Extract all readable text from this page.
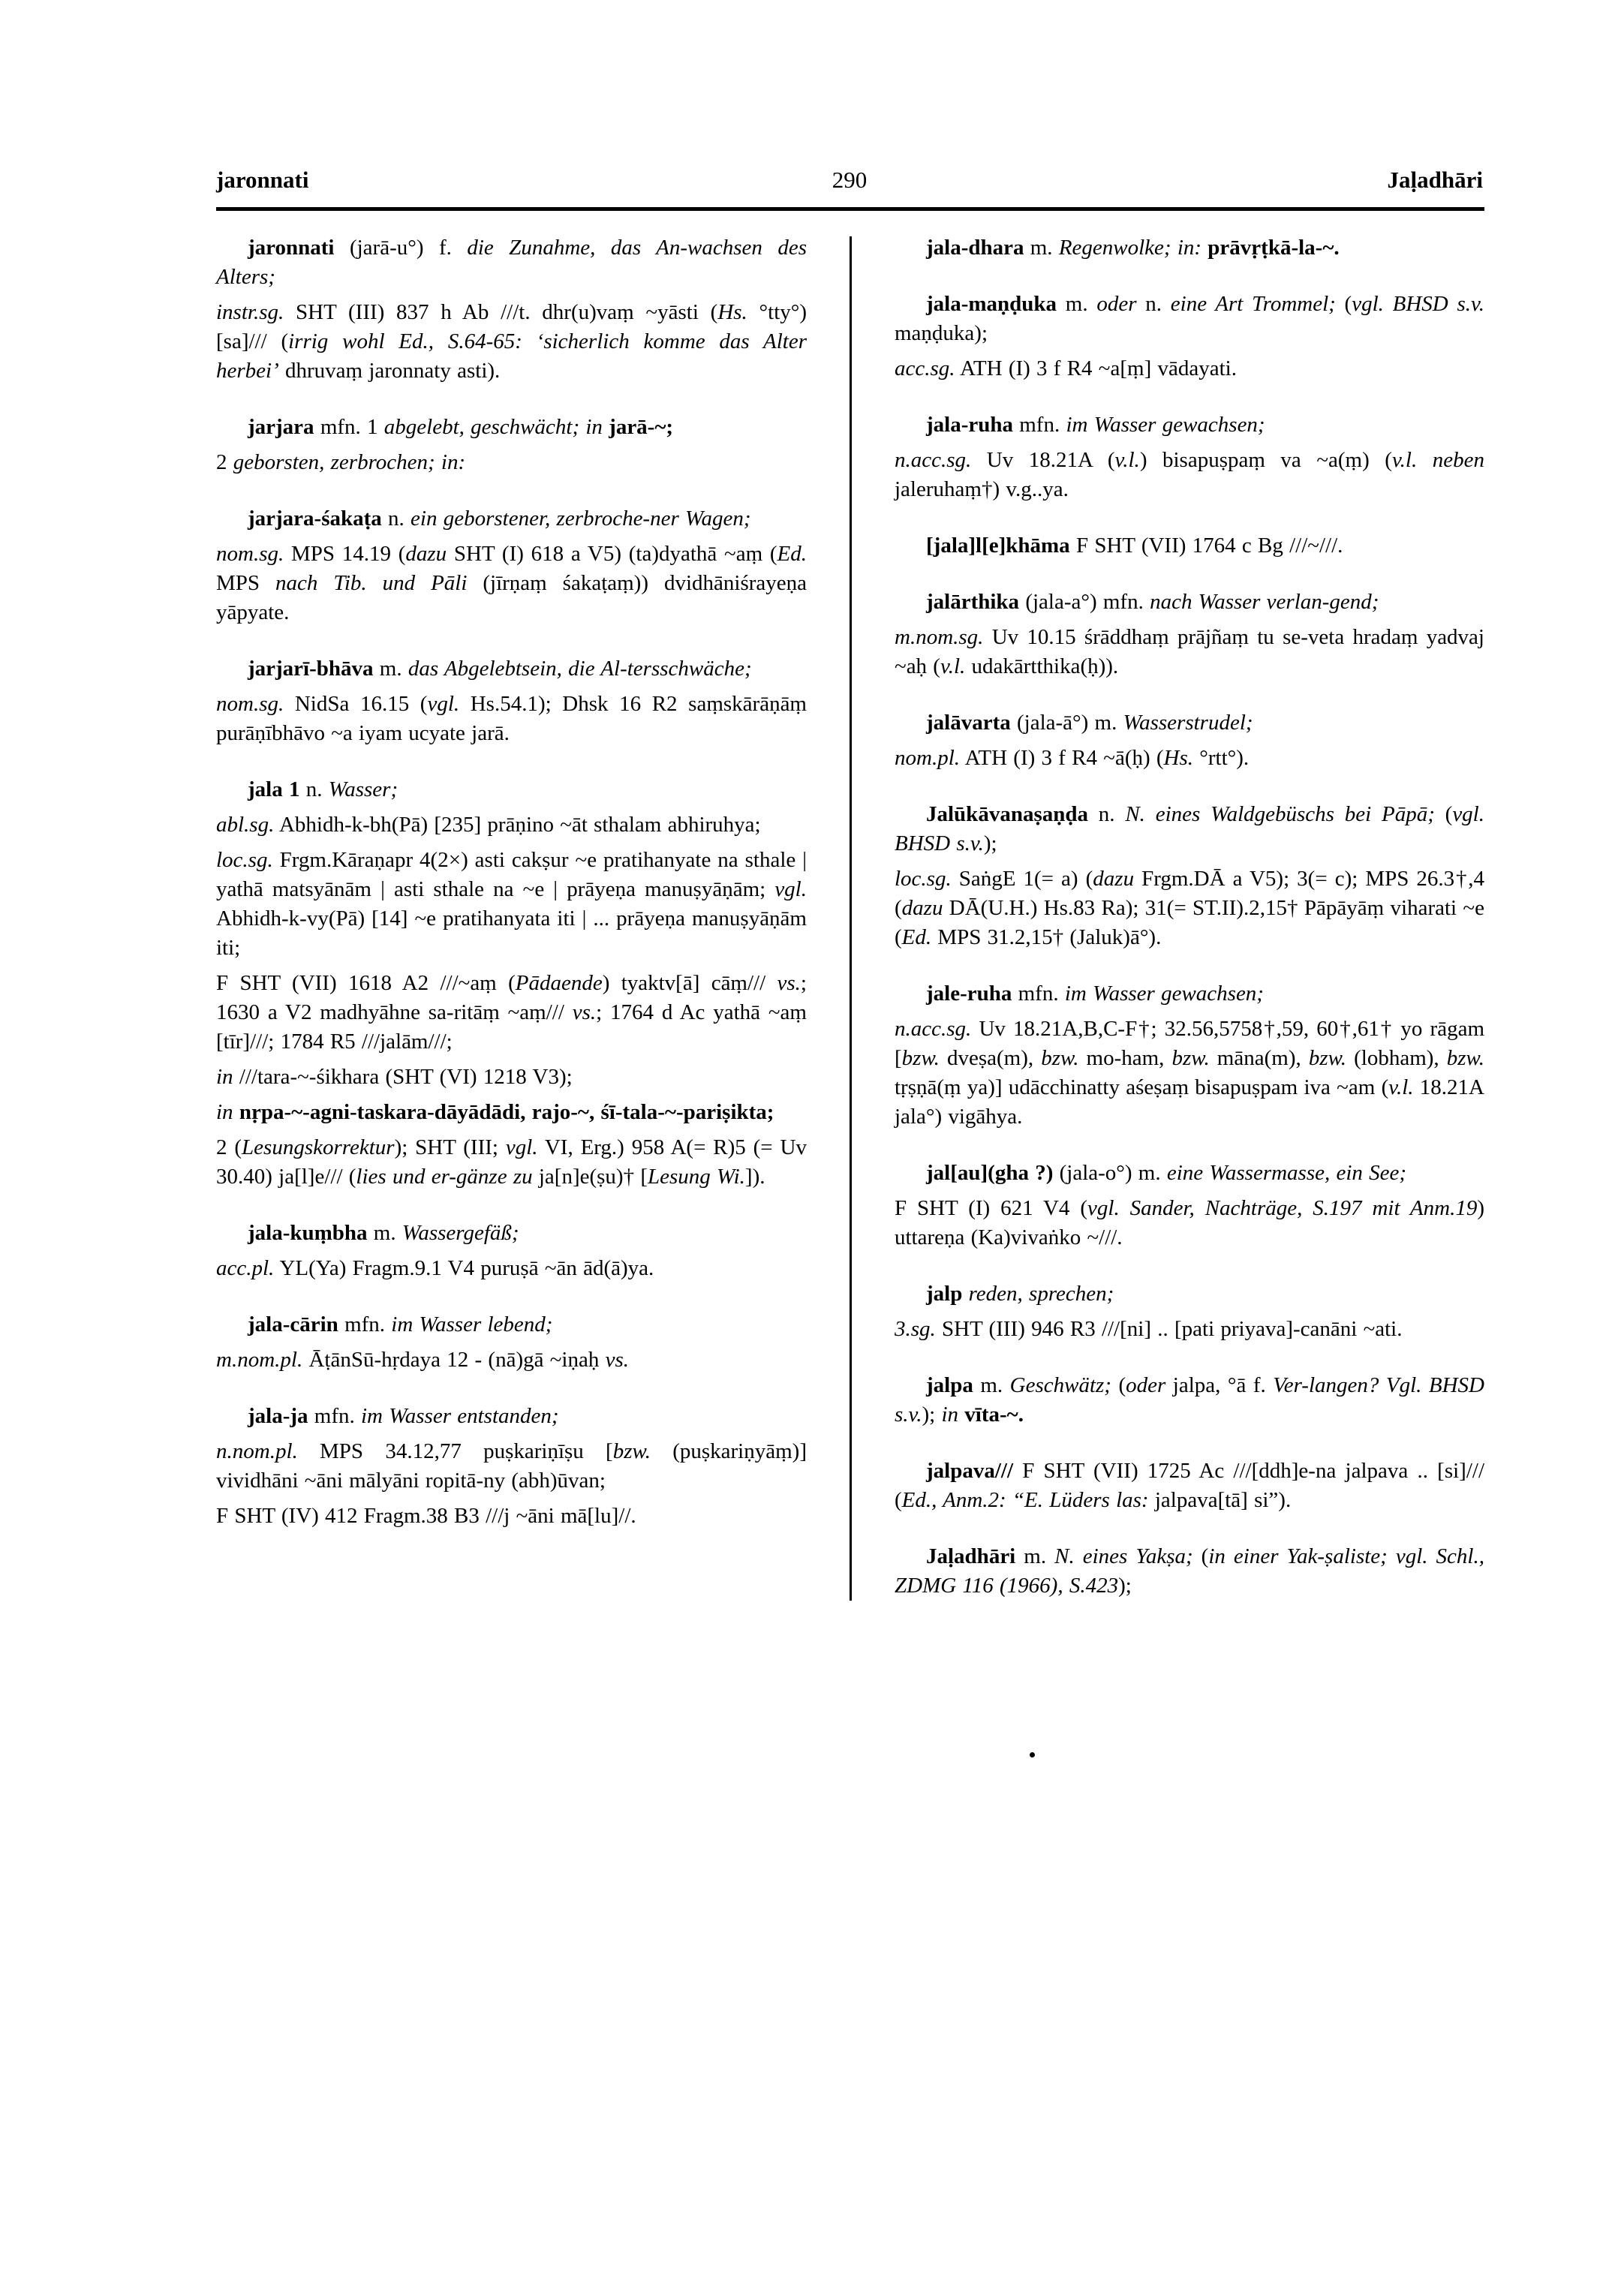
jaronnati	290	Jaḷadhāri

jaronnati (jarā-u°) f. die Zunahme, das An-wachsen des Alters;

instr.sg. SHT (III) 837 h Ab ///t. dhr(u)vaṃ ~yāsti (Hs. °tty°) [sa]/// (irrig wohl Ed., S.64-65: ‘sicherlich komme das Alter herbei’ dhruvaṃ jaronnaty asti).

jarjara mfn. 1 abgelebt, geschwächt; in jarā-~;

2 geborsten, zerbrochen; in:

jarjara-śakaṭa n. ein geborstener, zerbroche-ner Wagen;

nom.sg. MPS 14.19 (dazu SHT (I) 618 a V5) (ta)dyathā ~aṃ (Ed. MPS nach Tib. und Pāli (jīrṇaṃ śakaṭaṃ)) dvidhāniśrayeṇa yāpyate.

jarjarī-bhāva m. das Abgelebtsein, die Al-tersschwäche;

nom.sg. NidSa 16.15 (vgl. Hs.54.1); Dhsk 16 R2 saṃskārāṇāṃ purāṇībhāvo ~a iyam ucyate jarā.

jala 1 n. Wasser;

abl.sg. Abhidh-k-bh(Pā) [235] prāṇino ~āt sthalam abhiruhya;

loc.sg. Frgm.Kāraṇapr 4(2×) asti cakṣur ~e pratihanyate na sthale | yathā matsyānām | asti sthale na ~e | prāyeṇa manuṣyāṇām; vgl. Abhidh-k-vy(Pā) [14] ~e pratihanyata iti | ... prāyeṇa manuṣyāṇām iti;

F SHT (VII) 1618 A2 ///~aṃ (Pādaende) tyaktv[ā] cāṃ/// vs.; 1630 a V2 madhyāhne sa-ritāṃ ~aṃ/// vs.; 1764 d Ac yathā ~aṃ [tīr]///; 1784 R5 ///jalām///;

in ///tara-~-śikhara (SHT (VI) 1218 V3);

in nṛpa-~-agni-taskara-dāyādādi, rajo-~, śī-tala-~-pariṣikta;

2 (Lesungskorrektur); SHT (III; vgl. VI, Erg.) 958 A(= R)5 (= Uv 30.40) ja[l]e/// (lies und er-gänze zu ja[n]e(ṣu)† [Lesung Wi.]).

jala-kuṃbha m. Wassergefäß;

acc.pl. YL(Ya) Fragm.9.1 V4 puruṣā ~ān ād(ā)ya.

jala-cārin mfn. im Wasser lebend;

m.nom.pl. ĀṭānSū-hṛdaya 12 - (nā)gā ~iṇaḥ vs.

jala-ja mfn. im Wasser entstanden;

n.nom.pl. MPS 34.12,77 puṣkariṇīṣu [bzw. (puṣkariṇyāṃ)] vividhāni ~āni mālyāni ropitā-ny (abh)ūvan;

F SHT (IV) 412 Fragm.38 B3 ///j ~āni mā[lu]//.

jala-dhara m. Regenwolke; in: prāvṛṭkā-la-~.

jala-maṇḍuka m. oder n. eine Art Trommel; (vgl. BHSD s.v. maṇḍuka);

acc.sg. ATH (I) 3 f R4 ~a[ṃ] vādayati.

jala-ruha mfn. im Wasser gewachsen;

n.acc.sg. Uv 18.21A (v.l.) bisapuṣpaṃ va ~a(ṃ) (v.l. neben jaleruhaṃ†) v.g..ya.

[jala]l[e]khāma F SHT (VII) 1764 c Bg ///~///.

jalārthika (jala-a°) mfn. nach Wasser verlan-gend;

m.nom.sg. Uv 10.15 śrāddhaṃ prājñaṃ tu se-veta hradaṃ yadvaj ~aḥ (v.l. udakārtthika(ḥ)).

jalāvarta (jala-ā°) m. Wasserstrudel;

nom.pl. ATH (I) 3 f R4 ~ā(ḥ) (Hs. °rtt°).

Jalūkāvanaṣaṇḍa n. N. eines Waldgebüschs bei Pāpā; (vgl. BHSD s.v.);

loc.sg. SaṅgE 1(= a) (dazu Frgm.DĀ a V5); 3(= c); MPS 26.3†,4 (dazu DĀ(U.H.) Hs.83 Ra); 31(= ST.II).2,15† Pāpāyāṃ viharati ~e (Ed. MPS 31.2,15† (Jaluk)ā°).

jale-ruha mfn. im Wasser gewachsen;

n.acc.sg. Uv 18.21A,B,C-F†; 32.56,5758†,59, 60†,61† yo rāgam [bzw. dveṣa(m), bzw. mo-ham, bzw. māna(m), bzw. (lobham), bzw. tṛṣṇā(ṃ ya)] udācchinatty aśeṣaṃ bisapuṣpam iva ~am (v.l. 18.21A jala°) vigāhya.

jal[au](gha ?) (jala-o°) m. eine Wassermasse, ein See;

F SHT (I) 621 V4 (vgl. Sander, Nachträge, S.197 mit Anm.19) uttareṇa (Ka)vivaṅko ~///.

jalp reden, sprechen;

3.sg. SHT (III) 946 R3 ///[ni] .. [pati priyava]-canāni ~ati.

jalpa m. Geschwätz; (oder jalpa, °ā f. Ver-langen? Vgl. BHSD s.v.); in vīta-~.

jalpava/// F SHT (VII) 1725 Ac ///[ddh]e-na jalpava .. [si]/// (Ed., Anm.2: “E. Lüders las: jalpava[tā] si”).

Jaḷadhāri m. N. eines Yakṣa; (in einer Yak-ṣaliste; vgl. Schl., ZDMG 116 (1966), S.423);
